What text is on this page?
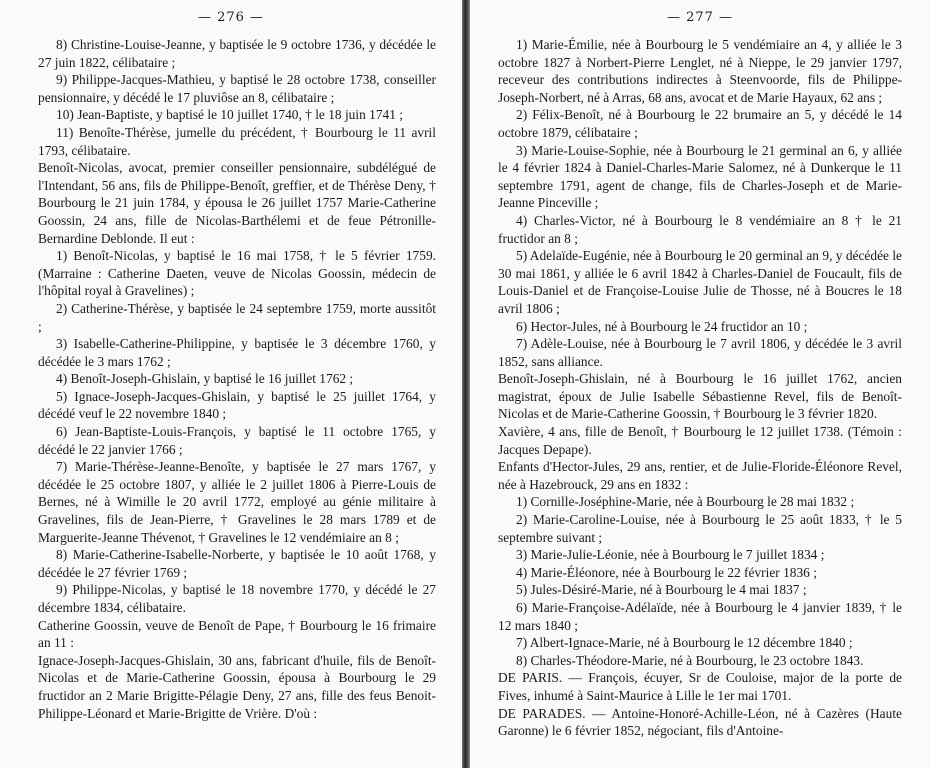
— 276 —

8) Christine-Louise-Jeanne, y baptisée le 9 octobre 1736, y décédée le 27 juin 1822, célibataire ;

9) Philippe-Jacques-Mathieu, y baptisé le 28 octobre 1738, conseiller pensionnaire, y décédé le 17 pluviôse an 8, célibataire ;

10) Jean-Baptiste, y baptisé le 10 juillet 1740, † le 18 juin 1741 ;

11) Benoîte-Thérèse, jumelle du précédent, † Bourbourg le 11 avril 1793, célibataire.

Benoît-Nicolas, avocat, premier conseiller pensionnaire, subdélégué de l'Intendant, 56 ans, fils de Philippe-Benoît, greffier, et de Thérèse Deny, † Bourbourg le 21 juin 1784, y épousa le 26 juillet 1757 Marie-Catherine Goossin, 24 ans, fille de Nicolas-Barthélemi et de feue Pétronille-Bernardine Deblonde. Il eut :

1) Benoît-Nicolas, y baptisé le 16 mai 1758, † le 5 février 1759. (Marraine : Catherine Daeten, veuve de Nicolas Goossin, médecin de l'hôpital royal à Gravelines) ;

2) Catherine-Thérèse, y baptisée le 24 septembre 1759, morte aussitôt ;

3) Isabelle-Catherine-Philippine, y baptisée le 3 décembre 1760, y décédée le 3 mars 1762 ;

4) Benoît-Joseph-Ghislain, y baptisé le 16 juillet 1762 ;

5) Ignace-Joseph-Jacques-Ghislain, y baptisé le 25 juillet 1764, y décédé veuf le 22 novembre 1840 ;

6) Jean-Baptiste-Louis-François, y baptisé le 11 octobre 1765, y décédé le 22 janvier 1766 ;

7) Marie-Thérèse-Jeanne-Benoîte, y baptisée le 27 mars 1767, y décédée le 25 octobre 1807, y alliée le 2 juillet 1806 à Pierre-Louis de Bernes, né à Wimille le 20 avril 1772, employé au génie militaire à Gravelines, fils de Jean-Pierre, † Gravelines le 28 mars 1789 et de Marguerite-Jeanne Thévenot, † Gravelines le 12 vendémiaire an 8 ;

8) Marie-Catherine-Isabelle-Norberte, y baptisée le 10 août 1768, y décédée le 27 février 1769 ;

9) Philippe-Nicolas, y baptisé le 18 novembre 1770, y décédé le 27 décembre 1834, célibataire.

Catherine Goossin, veuve de Benoît de Pape, † Bourbourg le 16 frimaire an 11 :

Ignace-Joseph-Jacques-Ghislain, 30 ans, fabricant d'huile, fils de Benoît-Nicolas et de Marie-Catherine Goossin, épousa à Bourbourg le 29 fructidor an 2 Marie Brigitte-Pélagie Deny, 27 ans, fille des feus Benoit-Philippe-Léonard et Marie-Brigitte de Vrière. D'où :

— 277 —

1) Marie-Émilie, née à Bourbourg le 5 vendémiaire an 4, y alliée le 3 octobre 1827 à Norbert-Pierre Lenglet, né à Nieppe, le 29 janvier 1797, receveur des contributions indirectes à Steenvoorde, fils de Philippe-Joseph-Norbert, né à Arras, 68 ans, avocat et de Marie Hayaux, 62 ans ;

2) Félix-Benoît, né à Bourbourg le 22 brumaire an 5, y décédé le 14 octobre 1879, célibataire ;

3) Marie-Louise-Sophie, née à Bourbourg le 21 germinal an 6, y alliée le 4 février 1824 à Daniel-Charles-Marie Salomez, né à Dunkerque le 11 septembre 1791, agent de change, fils de Charles-Joseph et de Marie-Jeanne Pinceville ;

4) Charles-Victor, né à Bourbourg le 8 vendémiaire an 8 † le 21 fructidor an 8 ;

5) Adelaïde-Eugénie, née à Bourbourg le 20 germinal an 9, y décédée le 30 mai 1861, y alliée le 6 avril 1842 à Charles-Daniel de Foucault, fils de Louis-Daniel et de Françoise-Louise Julie de Thosse, né à Boucres le 18 avril 1806 ;

6) Hector-Jules, né à Bourbourg le 24 fructidor an 10 ;

7) Adèle-Louise, née à Bourbourg le 7 avril 1806, y décédée le 3 avril 1852, sans alliance.

Benoît-Joseph-Ghislain, né à Bourbourg le 16 juillet 1762, ancien magistrat, époux de Julie Isabelle Sébastienne Revel, fils de Benoît-Nicolas et de Marie-Catherine Goossin, † Bourbourg le 3 février 1820.

Xavière, 4 ans, fille de Benoît, † Bourbourg le 12 juillet 1738. (Témoin : Jacques Depape).

Enfants d'Hector-Jules, 29 ans, rentier, et de Julie-Floride-Éléonore Revel, née à Hazebrouck, 29 ans en 1832 :

1) Cornille-Joséphine-Marie, née à Bourbourg le 28 mai 1832 ;

2) Marie-Caroline-Louise, née à Bourbourg le 25 août 1833, † le 5 septembre suivant ;

3) Marie-Julie-Léonie, née à Bourbourg le 7 juillet 1834 ;

4) Marie-Éléonore, née à Bourbourg le 22 février 1836 ;

5) Jules-Désiré-Marie, né à Bourbourg le 4 mai 1837 ;

6) Marie-Françoise-Adélaïde, née à Bourbourg le 4 janvier 1839, † le 12 mars 1840 ;

7) Albert-Ignace-Marie, né à Bourbourg le 12 décembre 1840 ;

8) Charles-Théodore-Marie, né à Bourbourg, le 23 octobre 1843.

DE PARIS. — François, écuyer, Sr de Couloise, major de la porte de Fives, inhumé à Saint-Maurice à Lille le 1er mai 1701.

DE PARADES. — Antoine-Honoré-Achille-Léon, né à Cazères (Haute Garonne) le 6 février 1852, négociant, fils d'Antoine-
